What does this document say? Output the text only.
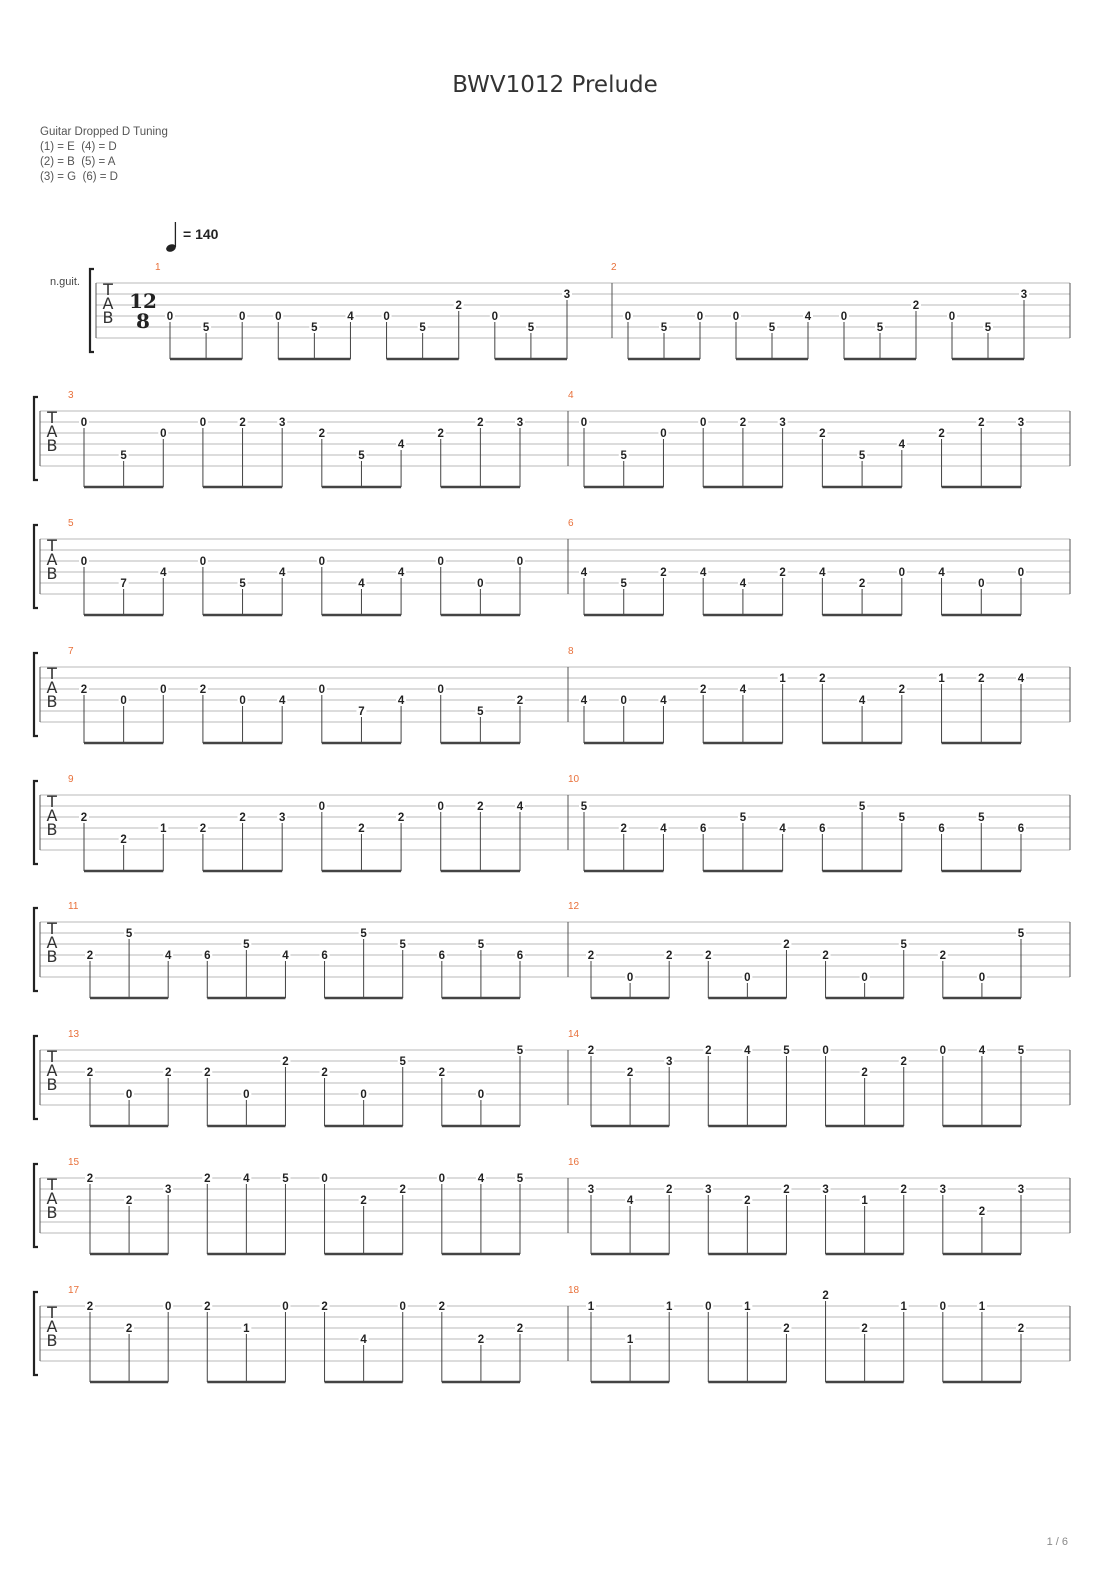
BWV1012 Prelude
Guitar Dropped D Tuning
(1) = E  (4) = D
(2) = B  (5) = A
(3) = G  (6) = D
= 140
n.guit. T
A
B
12
8
1
0
5
0	0
5
4	0
5
2
0
5
3
2
0
5
0	0
5
4	0
5
2
0
5
3
T
A
B
3
0
5
0
0	2	3
2
5
4
2
2	3
4
0
5
0
0	2	3
2
5
4
2
2	3
T
A
B
5
0
7
4
0
5
4
0
4
4
0
0
0
6
4
5
2	4
4
2	4
2
0	4
0
0
T
A
B
7
2
0
0	2
0	4
0
7
4
0
5
2
8
4	0	4
2	4
1	2
4
2
1	2	4
T
A
B
9
2
2
1	2
2	3
0
2
2
0	2	4
10
5
2	4	6
5
4	6
5
5
6
5
6
T
A
B
11
2
5
4	6
5
4	6
5
5
6
5
6
12
2
0
2	2
0
2
2
0
5
2
0
5
T
A
B
13
2
0
2	2
0
2
2
0
5
2
0
5
14
2
2
3
2	4	5	0
2
2
0	4	5
T
A
B
15
2
2
3
2	4	5	0
2
2
0	4	5
16
3
4
2	3
2
2	3
1
2	3
2
3
T
A
B
17
2
2
0	2
1
0	2
4
0	2
2
2
18
1
1
1	0	1
2
2
2
1	0	1
2
1 / 6
